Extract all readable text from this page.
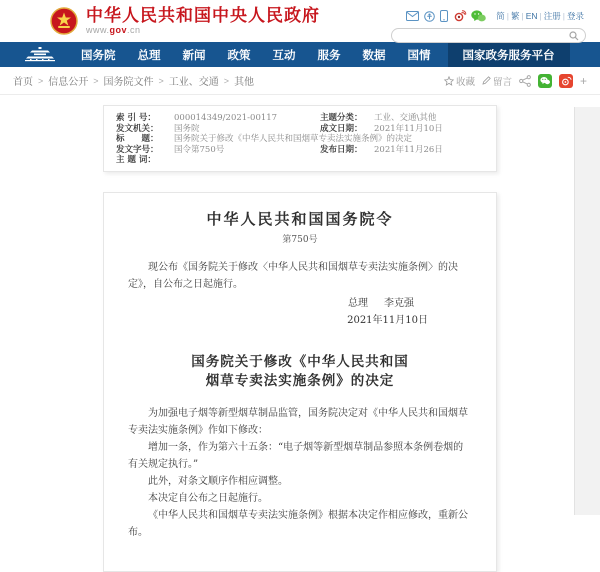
中华人民共和国中央人民政府
www.gov.cn
简 | 繁 | EN | 注册 | 登录
国务院	总理	新闻	政策	互动	服务	数据	国情	国家政务服务平台
首页 > 信息公开 > 国务院文件 > 工业、交通 > 其他	收藏 留言	+
索 引 号：	000014349/2021-00117	主题分类：	工业、交通\其他
发文机关：	国务院	成文日期：	2021年11月10日
标　　题：	国务院关于修改《中华人民共和国烟草专卖法实施条例》的决定
发文字号：	国令第750号	发布日期：	2021年11月26日
主 题 词：
中华人民共和国国务院令
第750号

现公布《国务院关于修改〈中华人民共和国烟草专卖法实施条例〉的决定》，自公布之日起施行。

总理 李克强
2021年11月10日
国务院关于修改《中华人民共和国
烟草专卖法实施条例》的决定

为加强电子烟等新型烟草制品监管，国务院决定对《中华人民共和国烟草专卖法实施条例》作如下修改：

增加一条，作为第六十五条：“电子烟等新型烟草制品参照本条例卷烟的有关规定执行。”

此外，对条文顺序作相应调整。

本决定自公布之日起施行。

《中华人民共和国烟草专卖法实施条例》根据本决定作相应修改，重新公布。
